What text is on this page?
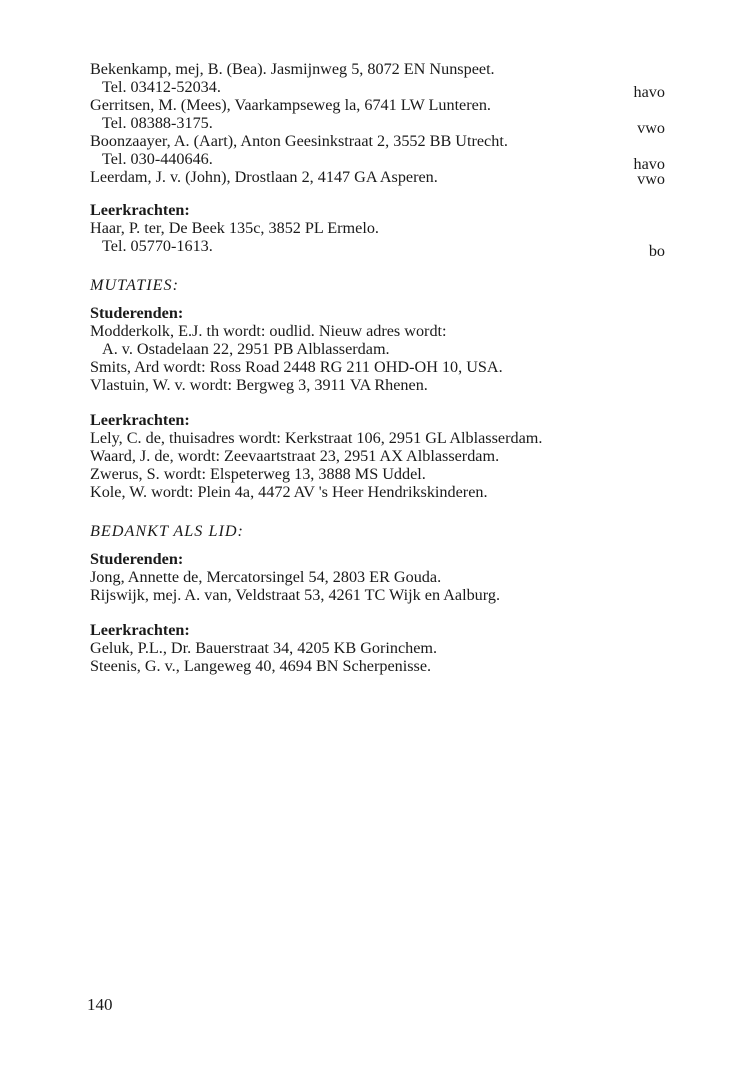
Bekenkamp, mej, B. (Bea). Jasmijnweg 5, 8072 EN Nunspeet.
Tel. 03412-52034.	havo
Gerritsen, M. (Mees), Vaarkampseweg la, 6741 LW Lunteren.
Tel. 08388-3175.	vwo
Boonzaayer, A. (Aart), Anton Geesinkstraat 2, 3552 BB Utrecht.
Tel. 030-440646.	havo
Leerdam, J. v. (John), Drostlaan 2, 4147 GA Asperen.	vwo
Leerkrachten:
Haar, P. ter, De Beek 135c, 3852 PL Ermelo.
Tel. 05770-1613.	bo
MUTATIES:
Studerenden:
Modderkolk, E.J. th wordt: oudlid. Nieuw adres wordt:
A. v. Ostadelaan 22, 2951 PB Alblasserdam.
Smits, Ard wordt: Ross Road 2448 RG 211 OHD-OH 10, USA.
Vlastuin, W. v. wordt: Bergweg 3, 3911 VA Rhenen.
Leerkrachten:
Lely, C. de, thuisadres wordt: Kerkstraat 106, 2951 GL Alblasserdam.
Waard, J. de, wordt: Zeevaartstraat 23, 2951 AX Alblasserdam.
Zwerus, S. wordt: Elspeterweg 13, 3888 MS Uddel.
Kole, W. wordt: Plein 4a, 4472 AV 's Heer Hendrikskinderen.
BEDANKT ALS LID:
Studerenden:
Jong, Annette de, Mercatorsingel 54, 2803 ER Gouda.
Rijswijk, mej. A. van, Veldstraat 53, 4261 TC Wijk en Aalburg.
Leerkrachten:
Geluk, P.L., Dr. Bauerstraat 34, 4205 KB Gorinchem.
Steenis, G. v., Langeweg 40, 4694 BN Scherpenisse.
140
